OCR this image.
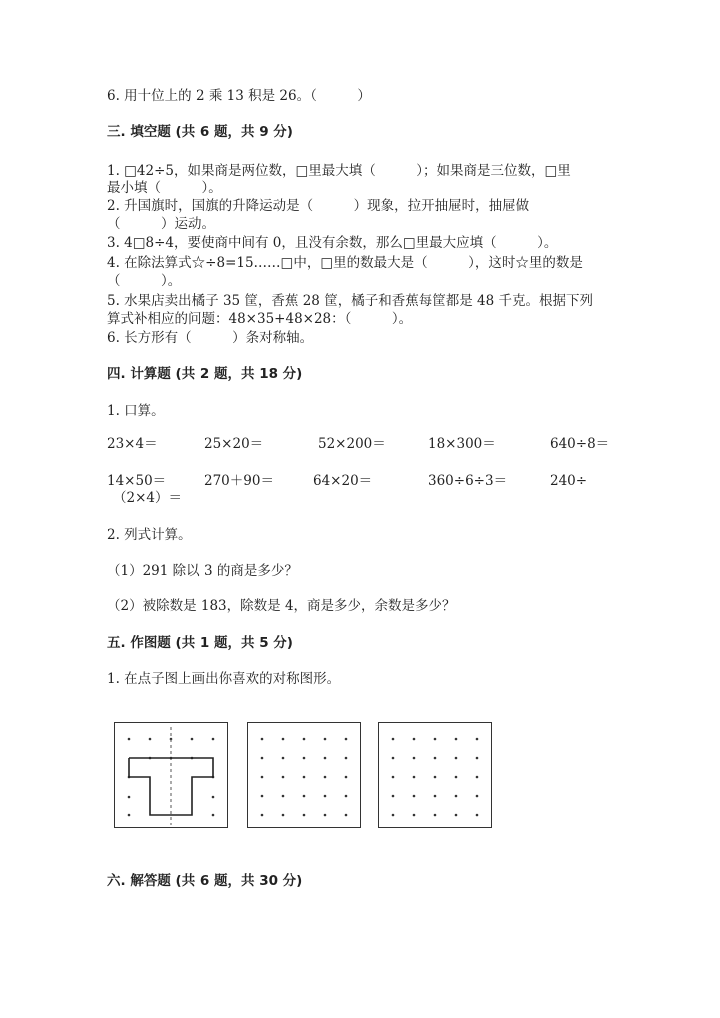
6. 用十位上的 2 乘 13 积是 26。（　　　）
三. 填空题 (共 6 题，共 9 分)
1. □42÷5，如果商是两位数，□里最大填（　　　）；如果商是三位数，□里
最小填（　　　）。
2. 升国旗时，国旗的升降运动是（　　　）现象，拉开抽屉时，抽屉做
（　　　）运动。
3. 4□8÷4，要使商中间有 0，且没有余数，那么□里最大应填（　　　）。
4. 在除法算式☆÷8=15……□中，□里的数最大是（　　　），这时☆里的数是
（　　　）。
5. 水果店卖出橘子 35 筐，香蕉 28 筐，橘子和香蕉每筐都是 48 千克。根据下列
算式补相应的问题：48×35+48×28：（　　　）。
6. 长方形有（　　　）条对称轴。
四. 计算题 (共 2 题，共 18 分)
1. 口算。
23×4＝	25×20＝	52×200＝	18×300＝	640÷8＝
14×50＝	270＋90＝	64×20＝	360÷6÷3＝	240÷
（2×4）＝
2. 列式计算。
（1）291 除以 3 的商是多少？
（2）被除数是 183，除数是 4，商是多少，余数是多少？
五. 作图题 (共 1 题，共 5 分)
1. 在点子图上画出你喜欢的对称图形。
六. 解答题 (共 6 题，共 30 分)
